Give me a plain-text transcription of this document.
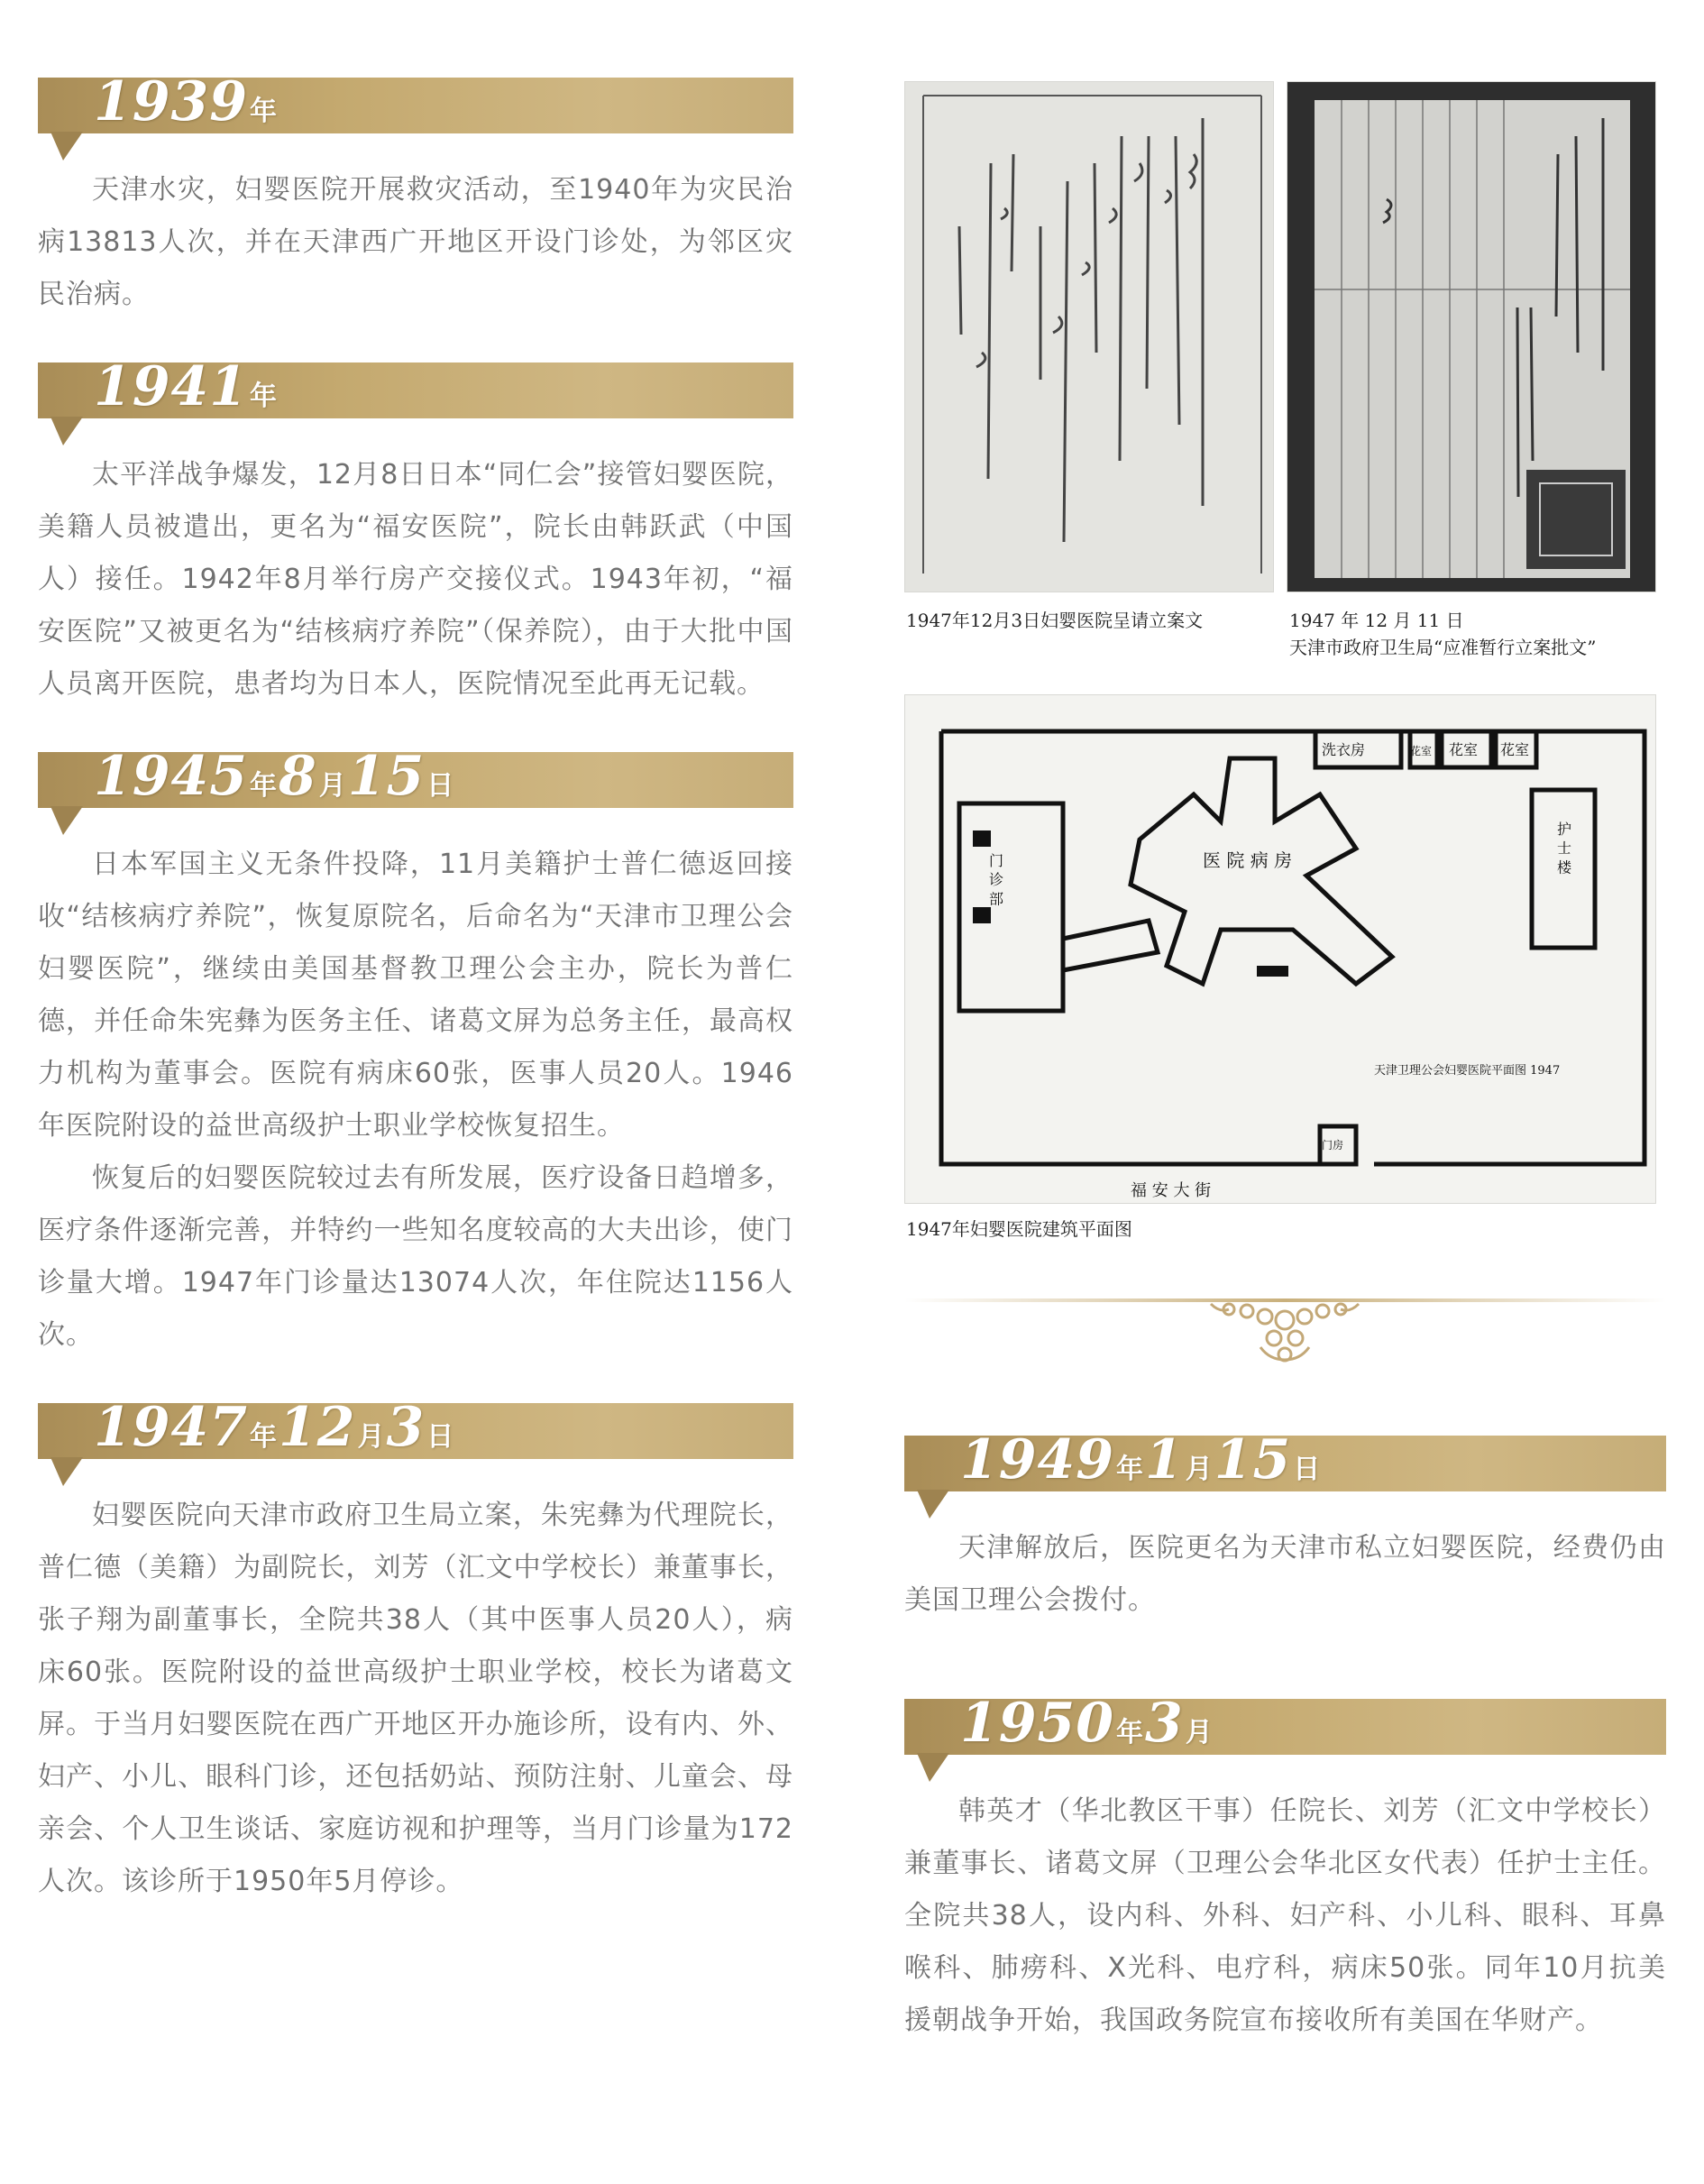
1939年

天津水灾，妇婴医院开展救灾活动，至1940年为灾民治病13813人次，并在天津西广开地区开设门诊处，为邻区灾民治病。

1941年

太平洋战争爆发，12月8日日本“同仁会”接管妇婴医院，美籍人员被遣出，更名为“福安医院”，院长由韩跃武（中国人）接任。1942年8月举行房产交接仪式。1943年初，“福安医院”又被更名为“结核病疗养院”（保养院），由于大批中国人员离开医院，患者均为日本人，医院情况至此再无记载。

1945年8月15日

日本军国主义无条件投降，11月美籍护士普仁德返回接收“结核病疗养院”，恢复原院名，后命名为“天津市卫理公会妇婴医院”，继续由美国基督教卫理公会主办，院长为普仁德，并任命朱宪彝为医务主任、诸葛文屏为总务主任，最高权力机构为董事会。医院有病床60张，医事人员20人。1946年医院附设的益世高级护士职业学校恢复招生。

恢复后的妇婴医院较过去有所发展，医疗设备日趋增多，医疗条件逐渐完善，并特约一些知名度较高的大夫出诊，使门诊量大增。1947年门诊量达13074人次，年住院达1156人次。

1947年12月3日

妇婴医院向天津市政府卫生局立案，朱宪彝为代理院长，普仁德（美籍）为副院长，刘芳（汇文中学校长）兼董事长，张子翔为副董事长，全院共38人（其中医事人员20人），病床60张。医院附设的益世高级护士职业学校，校长为诸葛文屏。于当月妇婴医院在西广开地区开办施诊所，设有内、外、妇产、小儿、眼科门诊，还包括奶站、预防注射、儿童会、母亲会、个人卫生谈话、家庭访视和护理等，当月门诊量为172人次。该诊所于1950年5月停诊。

1947年12月3日妇婴医院呈请立案文	1947 年 12 月 11 日
天津市政府卫生局“应准暂行立案批文”
医 院 病 房
门 诊 部
护 士 楼
洗衣房	花室 花室 花室
门房
天津卫理公会妇婴医院平面图 1947
福 安 大 街
1947年妇婴医院建筑平面图
1949年1月15日

天津解放后，医院更名为天津市私立妇婴医院，经费仍由美国卫理公会拨付。

1950年3月

韩英才（华北教区干事）任院长、刘芳（汇文中学校长）兼董事长、诸葛文屏（卫理公会华北区女代表）任护士主任。全院共38人，设内科、外科、妇产科、小儿科、眼科、耳鼻喉科、肺痨科、X光科、电疗科，病床50张。同年10月抗美援朝战争开始，我国政务院宣布接收所有美国在华财产。
